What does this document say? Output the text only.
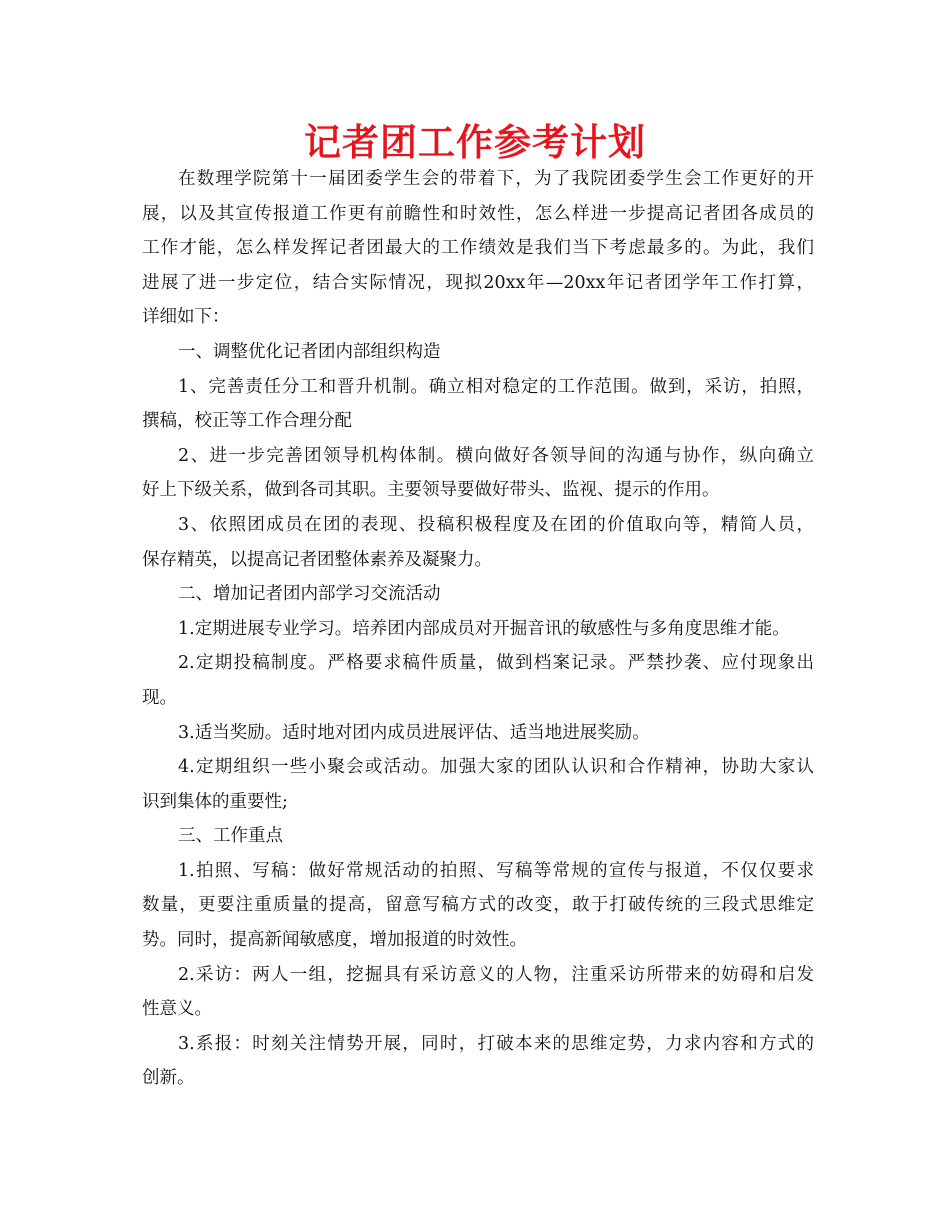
记者团工作参考计划
在数理学院第十一届团委学生会的带着下，为了我院团委学生会工作更好的开
展，以及其宣传报道工作更有前瞻性和时效性，怎么样进一步提高记者团各成员的
工作才能，怎么样发挥记者团最大的工作绩效是我们当下考虑最多的。为此，我们
进展了进一步定位，结合实际情况，现拟20xx年—20xx年记者团学年工作打算，
详细如下：
一、调整优化记者团内部组织构造
1、完善责任分工和晋升机制。确立相对稳定的工作范围。做到，采访，拍照，
撰稿，校正等工作合理分配
2、进一步完善团领导机构体制。横向做好各领导间的沟通与协作，纵向确立
好上下级关系，做到各司其职。主要领导要做好带头、监视、提示的作用。
3、依照团成员在团的表现、投稿积极程度及在团的价值取向等，精简人员，
保存精英，以提高记者团整体素养及凝聚力。
二、增加记者团内部学习交流活动
1.定期进展专业学习。培养团内部成员对开掘音讯的敏感性与多角度思维才能。
2.定期投稿制度。严格要求稿件质量，做到档案记录。严禁抄袭、应付现象出
现。
3.适当奖励。适时地对团内成员进展评估、适当地进展奖励。
4.定期组织一些小聚会或活动。加强大家的团队认识和合作精神，协助大家认
识到集体的重要性;
三、工作重点
1.拍照、写稿：做好常规活动的拍照、写稿等常规的宣传与报道，不仅仅要求
数量，更要注重质量的提高，留意写稿方式的改变，敢于打破传统的三段式思维定
势。同时，提高新闻敏感度，增加报道的时效性。
2.采访：两人一组，挖掘具有采访意义的人物，注重采访所带来的妨碍和启发
性意义。
3.系报：时刻关注情势开展，同时，打破本来的思维定势，力求内容和方式的
创新。
